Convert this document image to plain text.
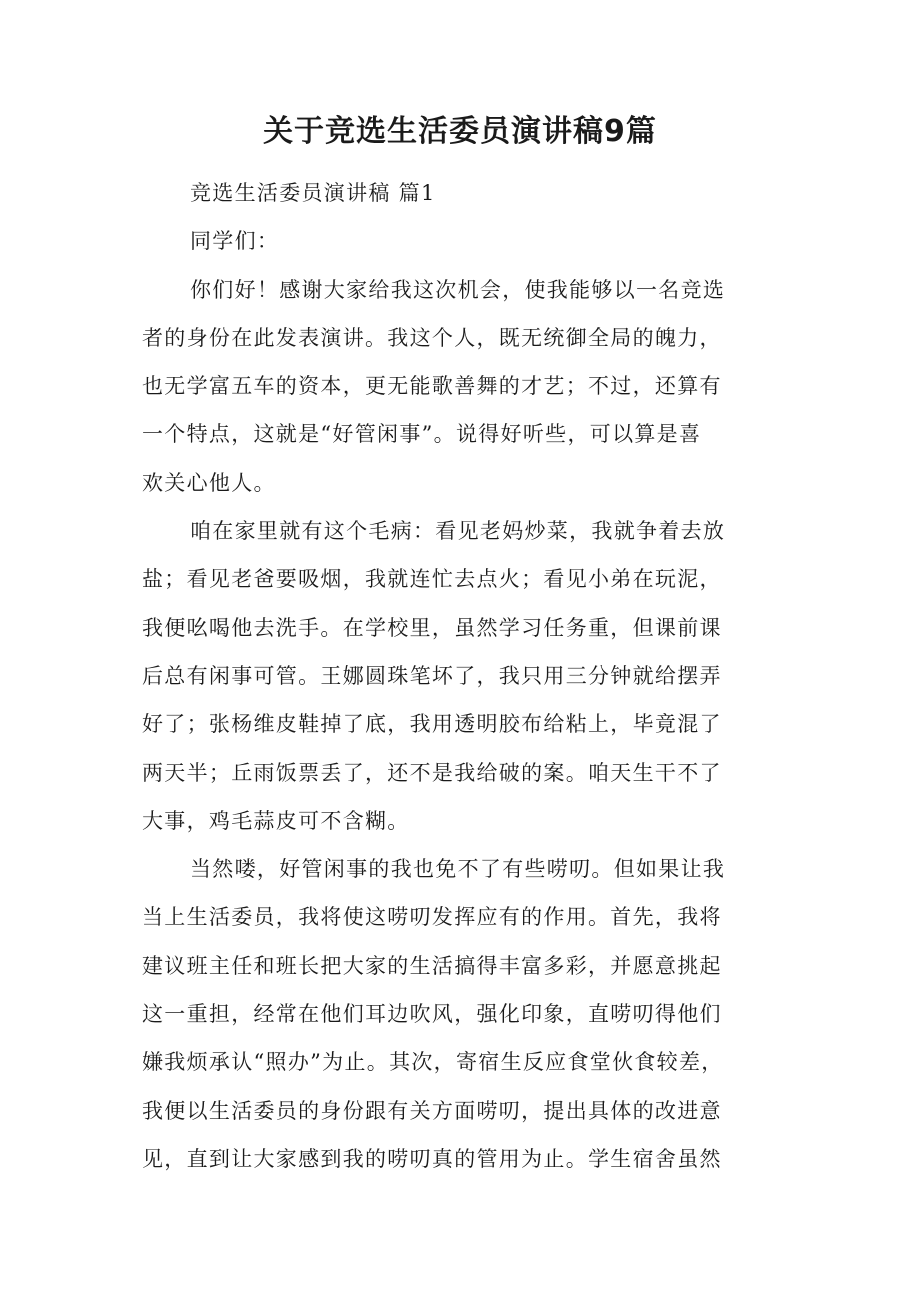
关于竞选生活委员演讲稿9篇
竞选生活委员演讲稿 篇1
同学们：
你们好！感谢大家给我这次机会，使我能够以一名竞选
者的身份在此发表演讲。我这个人，既无统御全局的魄力，
也无学富五车的资本，更无能歌善舞的才艺；不过，还算有
一个特点，这就是“好管闲事”。说得好听些，可以算是喜
欢关心他人。
咱在家里就有这个毛病：看见老妈炒菜，我就争着去放
盐；看见老爸要吸烟，我就连忙去点火；看见小弟在玩泥，
我便吆喝他去洗手。在学校里，虽然学习任务重，但课前课
后总有闲事可管。王娜圆珠笔坏了，我只用三分钟就给摆弄
好了；张杨维皮鞋掉了底，我用透明胶布给粘上，毕竟混了
两天半；丘雨饭票丢了，还不是我给破的案。咱天生干不了
大事，鸡毛蒜皮可不含糊。
当然喽，好管闲事的我也免不了有些唠叨。但如果让我
当上生活委员，我将使这唠叨发挥应有的作用。首先，我将
建议班主任和班长把大家的生活搞得丰富多彩，并愿意挑起
这一重担，经常在他们耳边吹风，强化印象，直唠叨得他们
嫌我烦承认“照办”为止。其次，寄宿生反应食堂伙食较差，
我便以生活委员的身份跟有关方面唠叨，提出具体的改进意
见，直到让大家感到我的唠叨真的管用为止。学生宿舍虽然
